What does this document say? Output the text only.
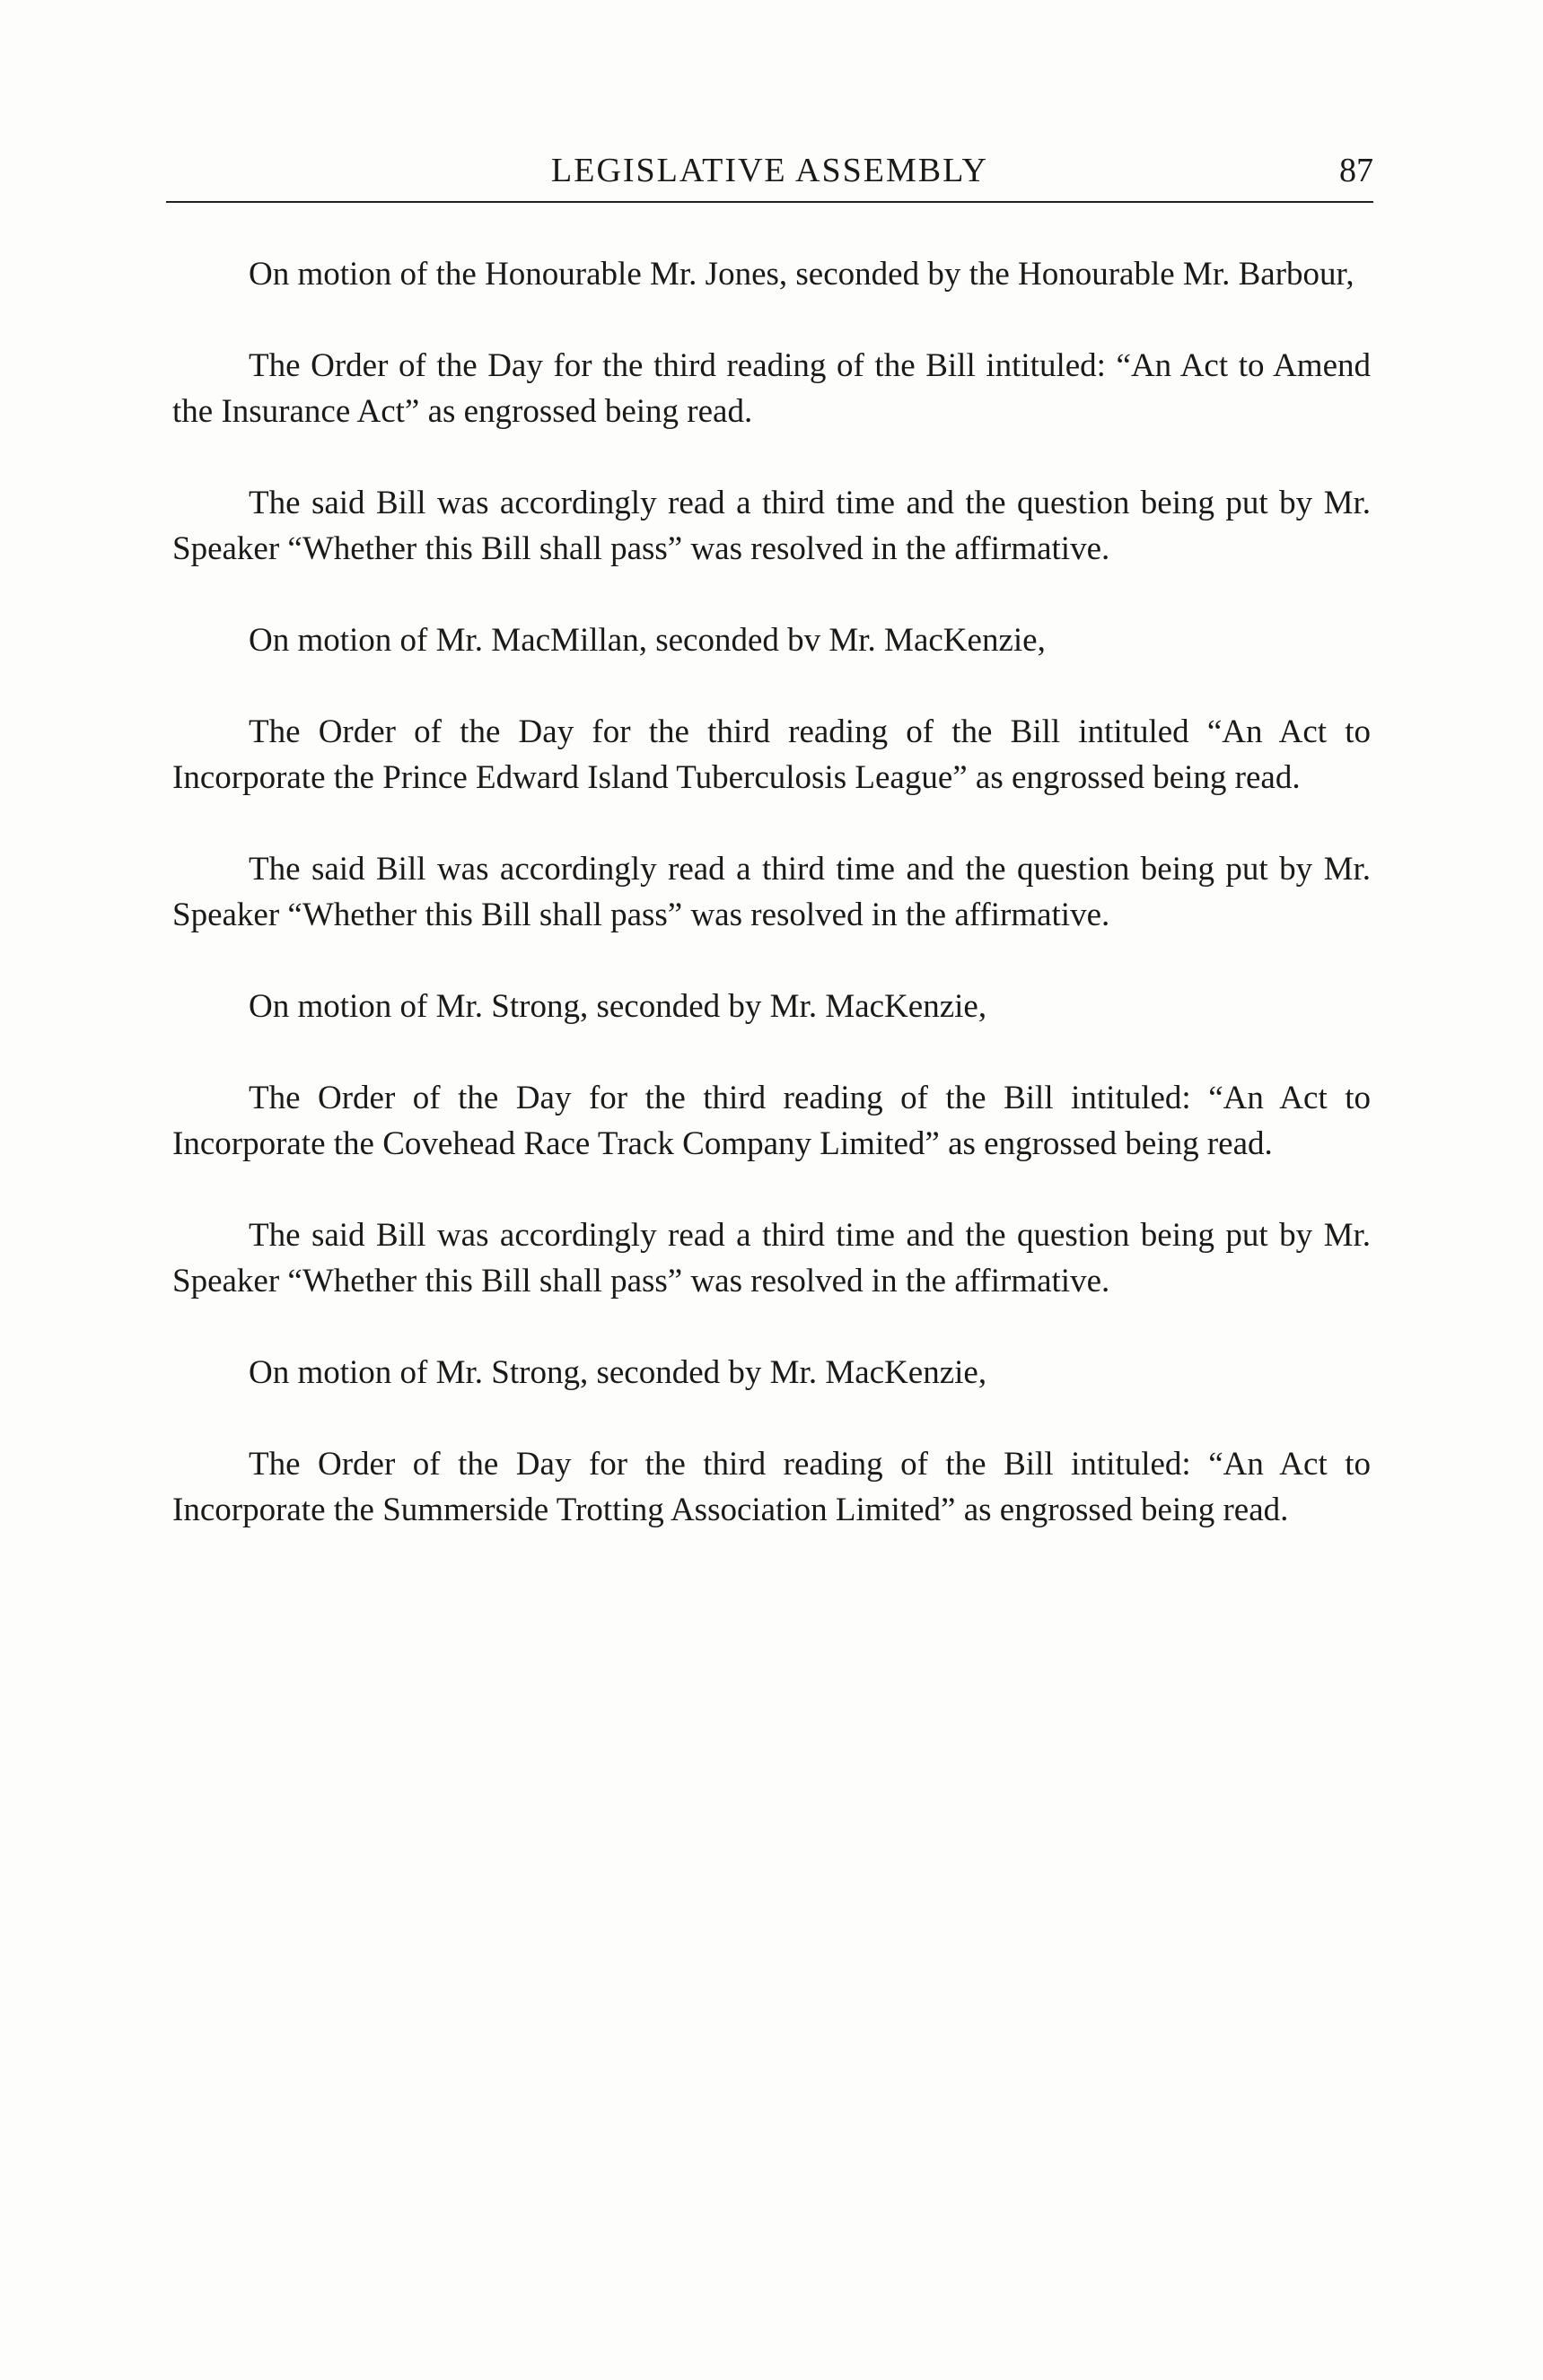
LEGISLATIVE ASSEMBLY	87

On motion of the Honourable Mr. Jones, seconded by the Honourable Mr. Barbour,

The Order of the Day for the third reading of the Bill intituled: “An Act to Amend the Insurance Act” as engrossed being read.

The said Bill was accordingly read a third time and the question being put by Mr. Speaker “Whether this Bill shall pass” was resolved in the affirmative.

On motion of Mr. MacMillan, seconded bv Mr. MacKenzie,

The Order of the Day for the third reading of the Bill intituled “An Act to Incorporate the Prince Edward Island Tuberculosis League” as engrossed being read.

The said Bill was accordingly read a third time and the question being put by Mr. Speaker “Whether this Bill shall pass” was resolved in the affirmative.

On motion of Mr. Strong, seconded by Mr. MacKenzie,

The Order of the Day for the third reading of the Bill intituled: “An Act to Incorporate the Covehead Race Track Company Limited” as engrossed being read.

The said Bill was accordingly read a third time and the question being put by Mr. Speaker “Whether this Bill shall pass” was resolved in the affirmative.

On motion of Mr. Strong, seconded by Mr. MacKenzie,

The Order of the Day for the third reading of the Bill intituled: “An Act to Incorporate the Summerside Trotting Association Limited” as engrossed being read.
